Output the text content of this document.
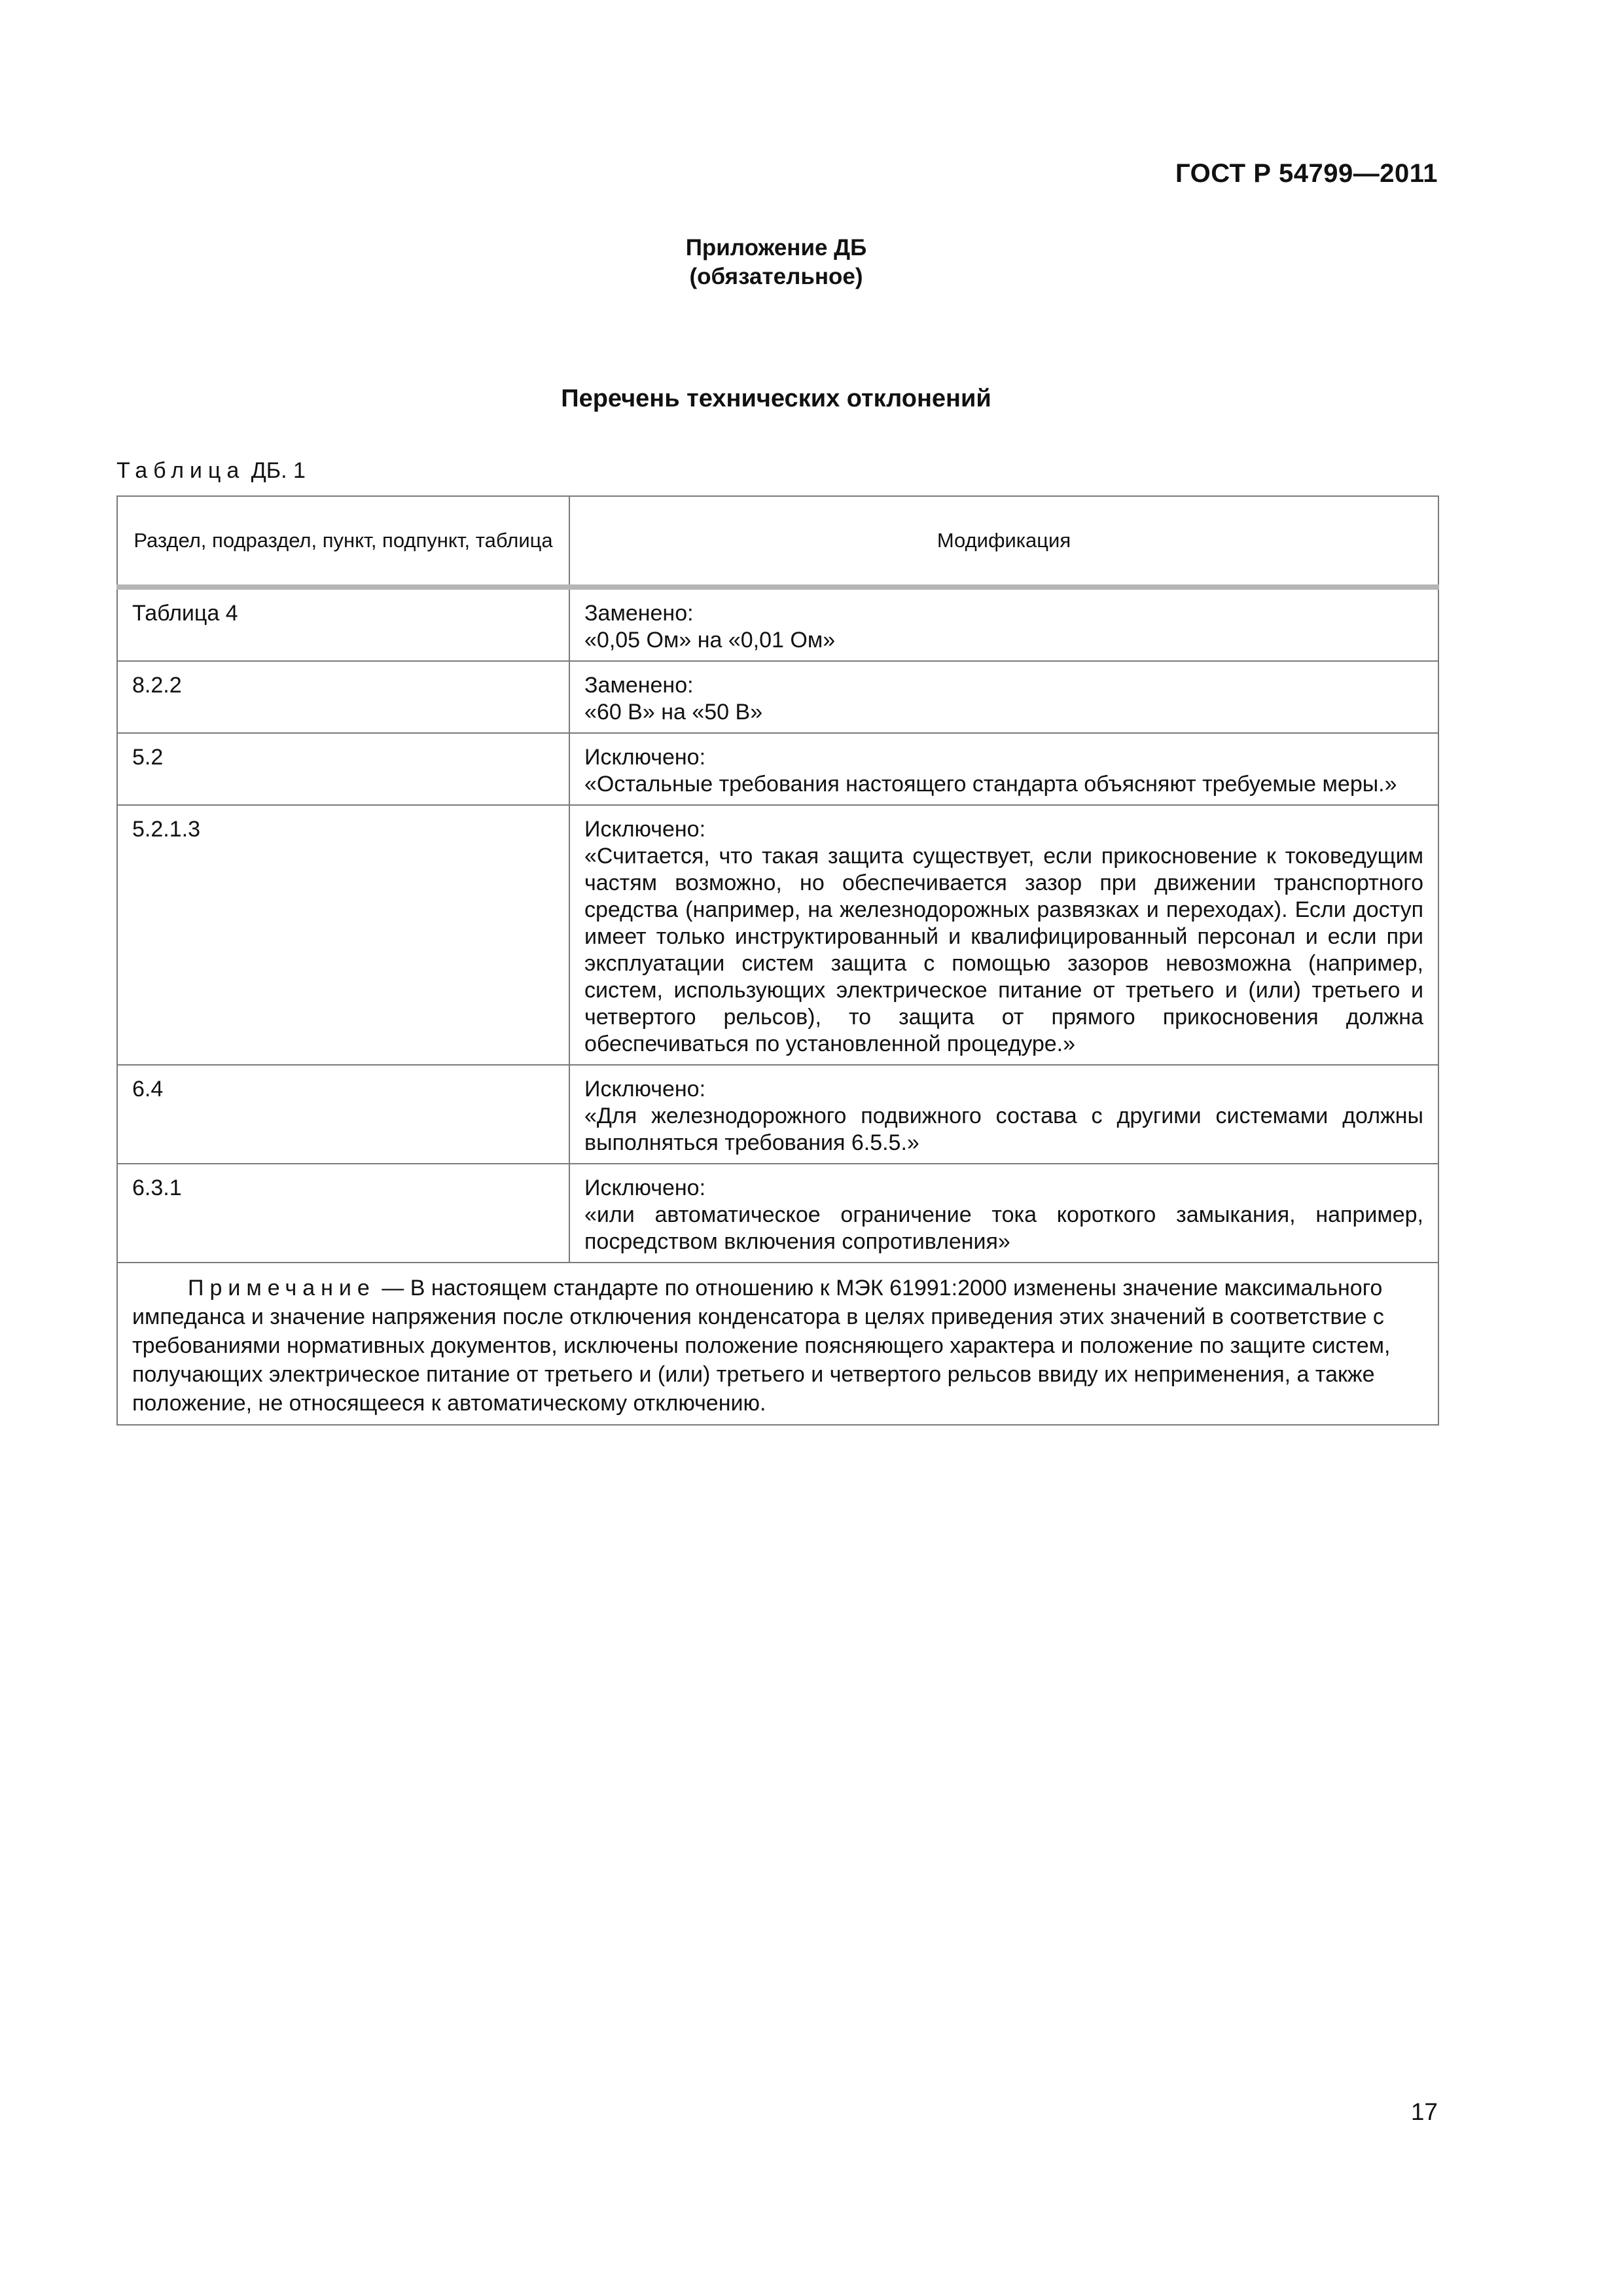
ГОСТ Р 54799—2011
Приложение ДБ
(обязательное)
Перечень технических отклонений
Таблица ДБ. 1
Раздел, подраздел, пункт, подпункт, таблица	Модификация
Таблица 4	Заменено:
«0,05 Ом» на «0,01 Ом»

8.2.2	Заменено:
«60 В» на «50 В»

5.2	Исключено:
«Остальные требования настоящего стандарта объясняют требуемые меры.»

5.2.1.3	Исключено:
«Считается, что такая защита существует, если прикосновение к токоведущим частям возможно, но обеспечивается зазор при движении транспортного средства (например, на железнодорожных развязках и переходах). Если доступ имеет только инструктированный и квалифицированный персонал и если при эксплуатации систем защита с помощью зазоров невозможна (например, систем, использующих электрическое питание от третьего и (или) третьего и четвертого рельсов), то защита от прямого прикосновения должна обеспечиваться по установленной процедуре.»

6.4	Исключено:
«Для железнодорожного подвижного состава с другими системами должны выполняться требования 6.5.5.»

6.3.1	Исключено:
«или автоматическое ограничение тока короткого замыкания, например, посредством включения сопротивления»

Примечание — В настоящем стандарте по отношению к МЭК 61991:2000 изменены значение максимального импеданса и значение напряжения после отключения конденсатора в целях приведения этих значений в соответствие с требованиями нормативных документов, исключены положение поясняющего характера и положение по защите систем, получающих электрическое питание от третьего и (или) третьего и четвертого рельсов ввиду их неприменения, а также положение, не относящееся к автоматическому отключению.	
17
